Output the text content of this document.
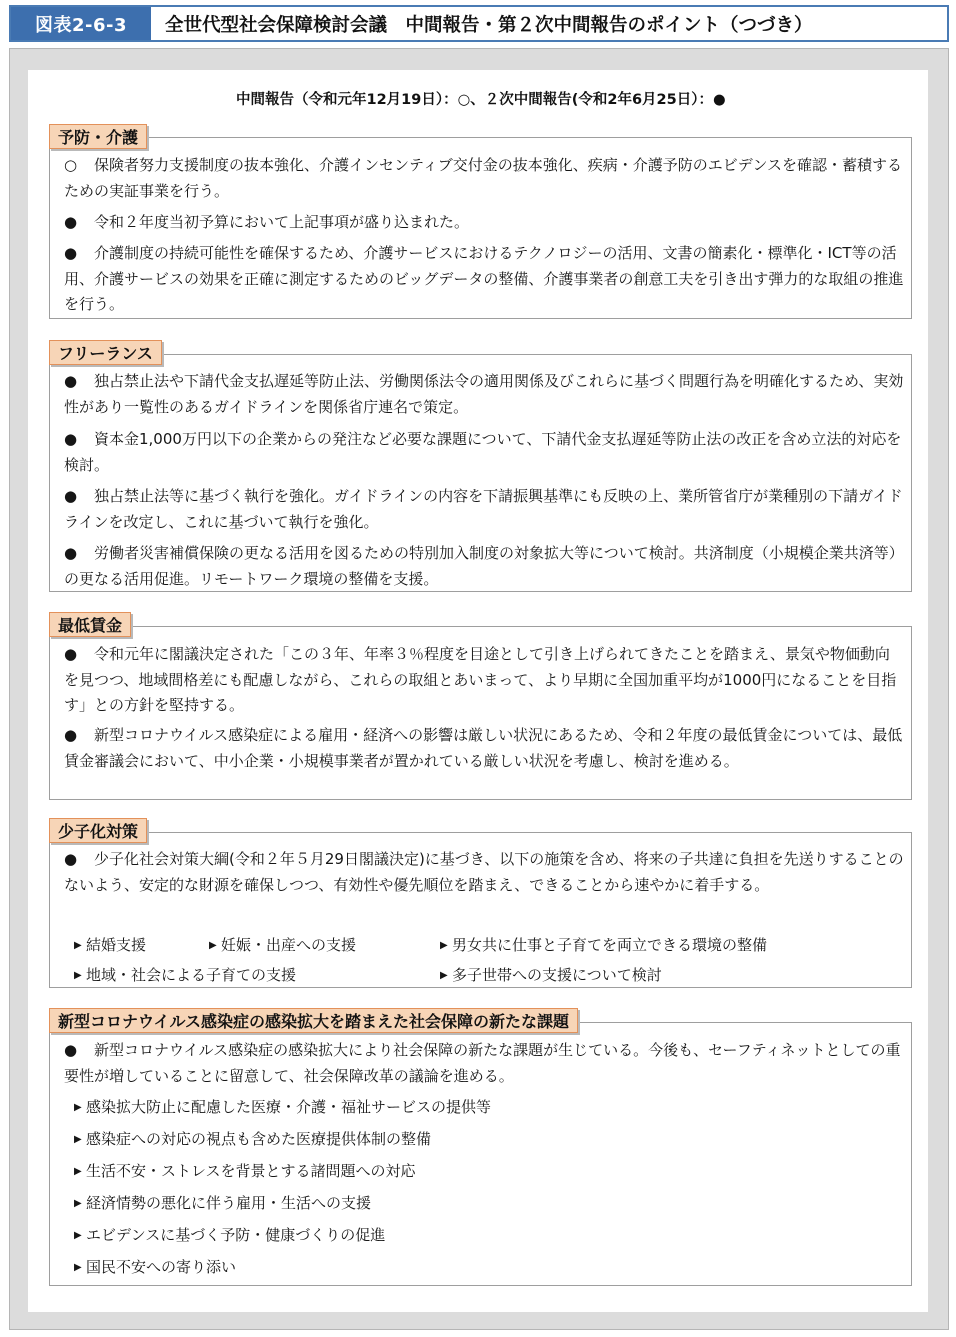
図表2-6-3	全世代型社会保障検討会議　中間報告・第２次中間報告のポイント（つづき）
中間報告（令和元年12月19日）：○、２次中間報告(令和2年6月25日）：●
予防・介護
○ 保険者努力支援制度の抜本強化、介護インセンティブ交付金の抜本強化、疾病・介護予防のエビデンスを確認・蓄積するための実証事業を行う。
● 令和２年度当初予算において上記事項が盛り込まれた。
● 介護制度の持続可能性を確保するため、介護サービスにおけるテクノロジーの活用、文書の簡素化・標準化・ICT等の活用、介護サービスの効果を正確に測定するためのビッグデータの整備、介護事業者の創意工夫を引き出す弾力的な取組の推進を行う。
フリーランス
● 独占禁止法や下請代金支払遅延等防止法、労働関係法令の適用関係及びこれらに基づく問題行為を明確化するため、実効性があり一覧性のあるガイドラインを関係省庁連名で策定。
● 資本金1,000万円以下の企業からの発注など必要な課題について、下請代金支払遅延等防止法の改正を含め立法的対応を検討。
● 独占禁止法等に基づく執行を強化。ガイドラインの内容を下請振興基準にも反映の上、業所管省庁が業種別の下請ガイドラインを改定し、これに基づいて執行を強化。
● 労働者災害補償保険の更なる活用を図るための特別加入制度の対象拡大等について検討。共済制度（小規模企業共済等）の更なる活用促進。リモートワーク環境の整備を支援。
最低賃金
● 令和元年に閣議決定された「この３年、年率３％程度を目途として引き上げられてきたことを踏まえ、景気や物価動向を見つつ、地域間格差にも配慮しながら、これらの取組とあいまって、より早期に全国加重平均が1000円になることを目指す」との方針を堅持する。
● 新型コロナウイルス感染症による雇用・経済への影響は厳しい状況にあるため、令和２年度の最低賃金については、最低賃金審議会において、中小企業・小規模事業者が置かれている厳しい状況を考慮し、検討を進める。
少子化対策
● 少子化社会対策大綱(令和２年５月29日閣議決定)に基づき、以下の施策を含め、将来の子共達に負担を先送りすることのないよう、安定的な財源を確保しつつ、有効性や優先順位を踏まえ、できることから速やかに着手する。
▶ 結婚支援	▶ 妊娠・出産への支援	▶ 男女共に仕事と子育てを両立できる環境の整備
▶ 地域・社会による子育ての支援	▶ 多子世帯への支援について検討
新型コロナウイルス感染症の感染拡大を踏まえた社会保障の新たな課題
● 新型コロナウイルス感染症の感染拡大により社会保障の新たな課題が生じている。今後も、セーフティネットとしての重要性が増していることに留意して、社会保障改革の議論を進める。
▶ 感染拡大防止に配慮した医療・介護・福祉サービスの提供等
▶ 感染症への対応の視点も含めた医療提供体制の整備
▶ 生活不安・ストレスを背景とする諸問題への対応
▶ 経済情勢の悪化に伴う雇用・生活への支援
▶ エビデンスに基づく予防・健康づくりの促進
▶ 国民不安への寄り添い
